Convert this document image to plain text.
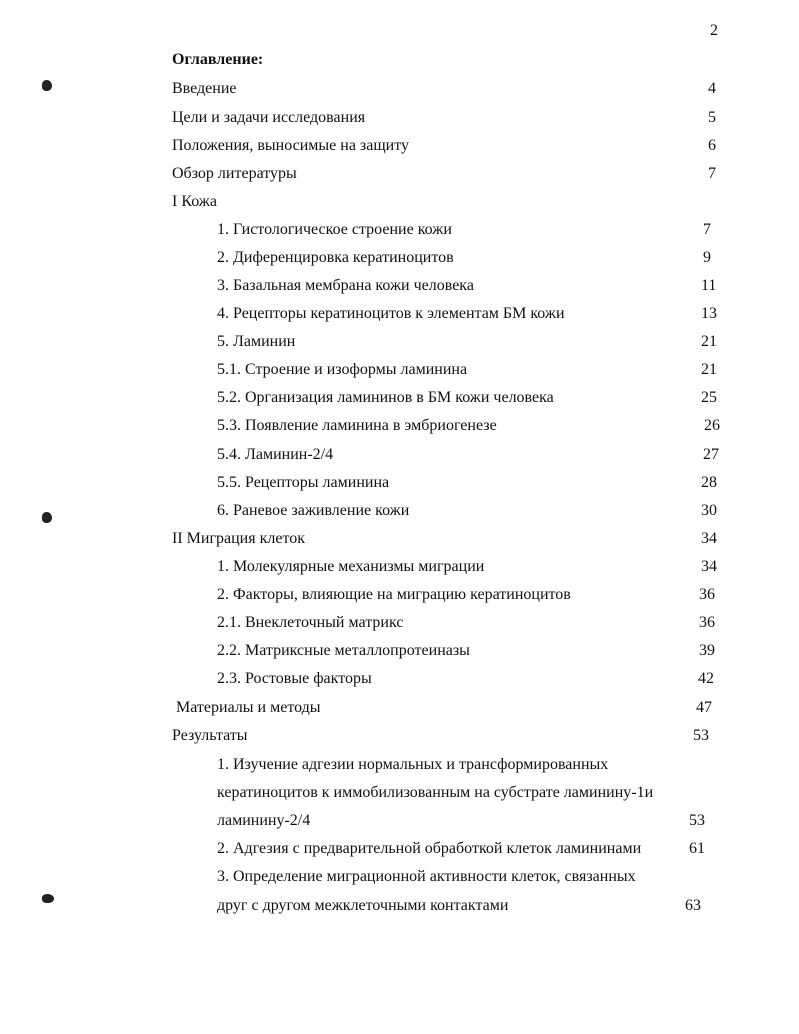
2
Оглавление:
Введение	4
Цели и задачи исследования	5
Положения, выносимые на защиту	6
Обзор литературы	7
I Кожа
1. Гистологическое строение кожи	7
2. Диференцировка кератиноцитов	9
3. Базальная мембрана кожи человека	11
4. Рецепторы кератиноцитов к элементам БМ кожи	13
5. Ламинин	21
5.1. Строение и изоформы ламинина	21
5.2. Организация ламининов в БМ кожи человека	25
5.3. Появление ламинина в эмбриогенезе	26
5.4. Ламинин-2/4	27
5.5. Рецепторы ламинина	28
6. Раневое заживление кожи	30
II Миграция клеток	34
1. Молекулярные механизмы миграции	34
2. Факторы, влияющие на миграцию кератиноцитов	36
2.1. Внеклеточный матрикс	36
2.2. Матриксные металлопротеиназы	39
2.3. Ростовые факторы	42
Материалы и методы	47
Результаты	53
1. Изучение адгезии нормальных и трансформированных
кератиноцитов к иммобилизованным на субстрате ламинину-1и
ламинину-2/4	53
2. Адгезия с предварительной обработкой клеток ламининами	61
3. Определение миграционной активности клеток, связанных
друг с другом межклеточными контактами	63
